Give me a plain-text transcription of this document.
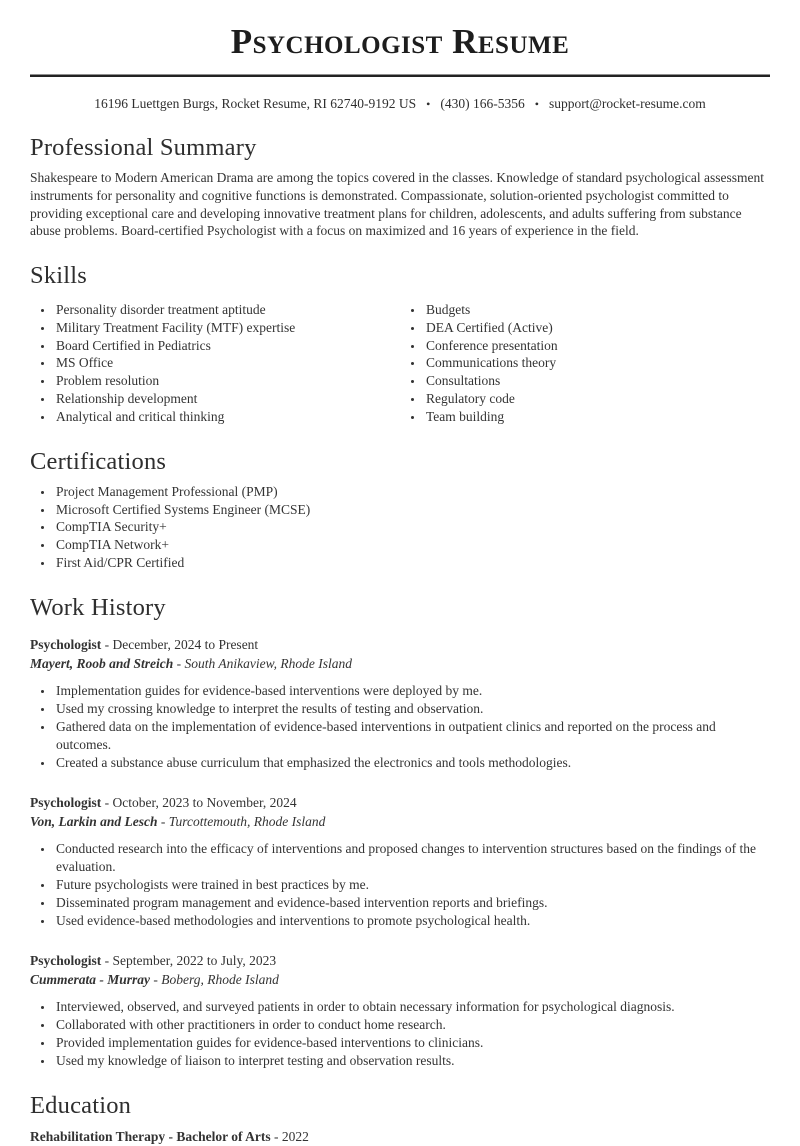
Psychologist Resume
16196 Luettgen Burgs, Rocket Resume, RI 62740-9192 US • (430) 166-5356 • support@rocket-resume.com
Professional Summary

Shakespeare to Modern American Drama are among the topics covered in the classes. Knowledge of standard psychological assessment instruments for personality and cognitive functions is demonstrated. Compassionate, solution-oriented psychologist committed to providing exceptional care and developing innovative treatment plans for children, adolescents, and adults suffering from substance abuse problems. Board-certified Psychologist with a focus on maximized and 16 years of experience in the field.

Skills
• Personality disorder treatment aptitude
• Military Treatment Facility (MTF) expertise
• Board Certified in Pediatrics
• MS Office
• Problem resolution
• Relationship development
• Analytical and critical thinking
• Budgets
• DEA Certified (Active)
• Conference presentation
• Communications theory
• Consultations
• Regulatory code
• Team building
Certifications
• Project Management Professional (PMP)
• Microsoft Certified Systems Engineer (MCSE)
• CompTIA Security+
• CompTIA Network+
• First Aid/CPR Certified
Work History
Psychologist - December, 2024 to Present
Mayert, Roob and Streich - South Anikaview, Rhode Island
• Implementation guides for evidence-based interventions were deployed by me.
• Used my crossing knowledge to interpret the results of testing and observation.
• Gathered data on the implementation of evidence-based interventions in outpatient clinics and reported on the process and outcomes.
• Created a substance abuse curriculum that emphasized the electronics and tools methodologies.
Psychologist - October, 2023 to November, 2024
Von, Larkin and Lesch - Turcottemouth, Rhode Island
• Conducted research into the efficacy of interventions and proposed changes to intervention structures based on the findings of the evaluation.
• Future psychologists were trained in best practices by me.
• Disseminated program management and evidence-based intervention reports and briefings.
• Used evidence-based methodologies and interventions to promote psychological health.
Psychologist - September, 2022 to July, 2023
Cummerata - Murray - Boberg, Rhode Island
• Interviewed, observed, and surveyed patients in order to obtain necessary information for psychological diagnosis.
• Collaborated with other practitioners in order to conduct home research.
• Provided implementation guides for evidence-based interventions to clinicians.
• Used my knowledge of liaison to interpret testing and observation results.
Education
Rehabilitation Therapy - Bachelor of Arts - 2022
